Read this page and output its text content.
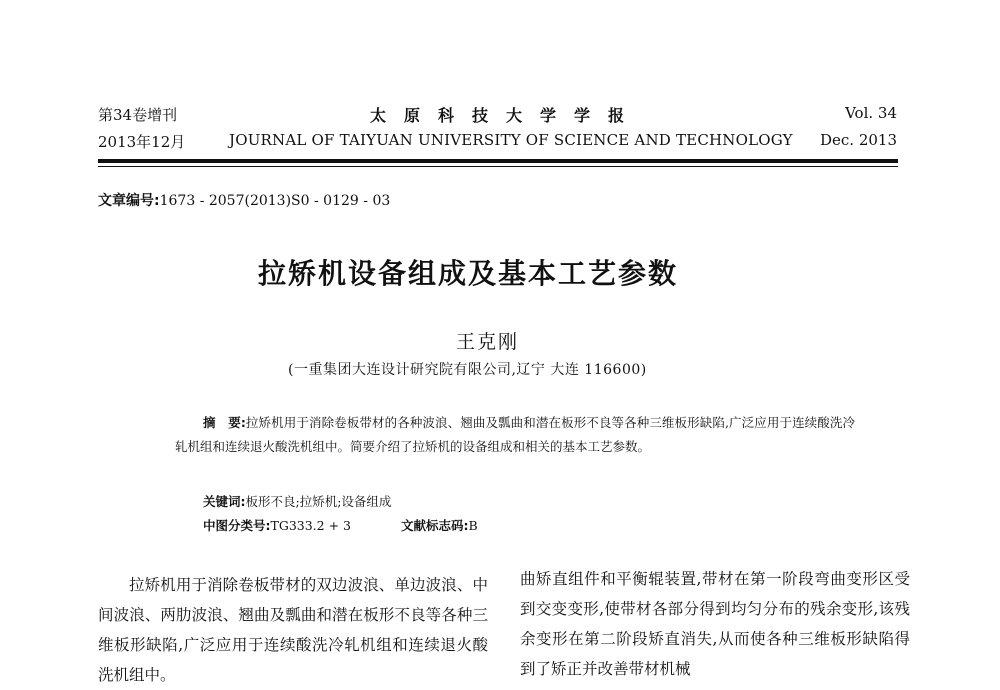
第34卷增刊
2013年12月
太原科技大学学报
JOURNAL OF TAIYUAN UNIVERSITY OF SCIENCE AND TECHNOLOGY
Vol. 34
Dec. 2013
文章编号:1673 - 2057(2013)S0 - 0129 - 03
拉矫机设备组成及基本工艺参数
王克刚
(一重集团大连设计研究院有限公司,辽宁 大连 116600)
摘　要:拉矫机用于消除卷板带材的各种波浪、翘曲及瓢曲和潜在板形不良等各种三维板形缺陷,广泛应用于连续酸洗冷轧机组和连续退火酸洗机组中。简要介绍了拉矫机的设备组成和相关的基本工艺参数。
关键词:板形不良;拉矫机;设备组成
中图分类号:TG333.2 + 3	文献标志码:B

拉矫机用于消除卷板带材的双边波浪、单边波浪、中间波浪、两肋波浪、翘曲及瓢曲和潜在板形不良等各种三维板形缺陷,广泛应用于连续酸洗冷轧机组和连续退火酸洗机组中。

曲矫直组件和平衡辊装置,带材在第一阶段弯曲变形区受到交变变形,使带材各部分得到均匀分布的残余变形,该残余变形在第二阶段矫直消失,从而使各种三维板形缺陷得到了矫正并改善带材机械
